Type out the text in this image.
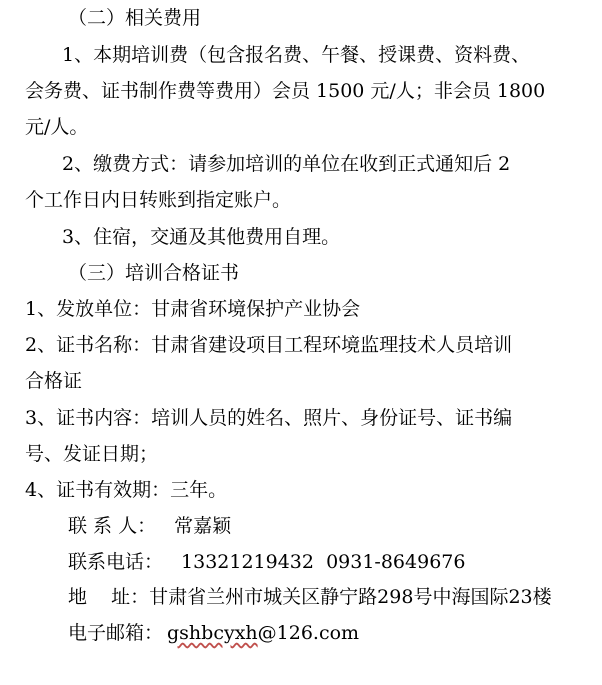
（二）相关费用
1、本期培训费（包含报名费、午餐、授课费、资料费、
会务费、证书制作费等费用）会员 1500 元/人；非会员 1800
元/人。
2、缴费方式：请参加培训的单位在收到正式通知后 2
个工作日内日转账到指定账户。
3、住宿，交通及其他费用自理。
（三）培训合格证书
1、发放单位：甘肃省环境保护产业协会
2、证书名称：甘肃省建设项目工程环境监理技术人员培训
合格证
3、证书内容：培训人员的姓名、照片、身份证号、证书编
号、发证日期；
4、证书有效期：三年。
联 系 人： 常嘉颖
联系电话： 13321219432  0931-8649676
地    址：甘肃省兰州市城关区静宁路298号中海国际23楼
电子邮箱： gshbcyxh@126.com
